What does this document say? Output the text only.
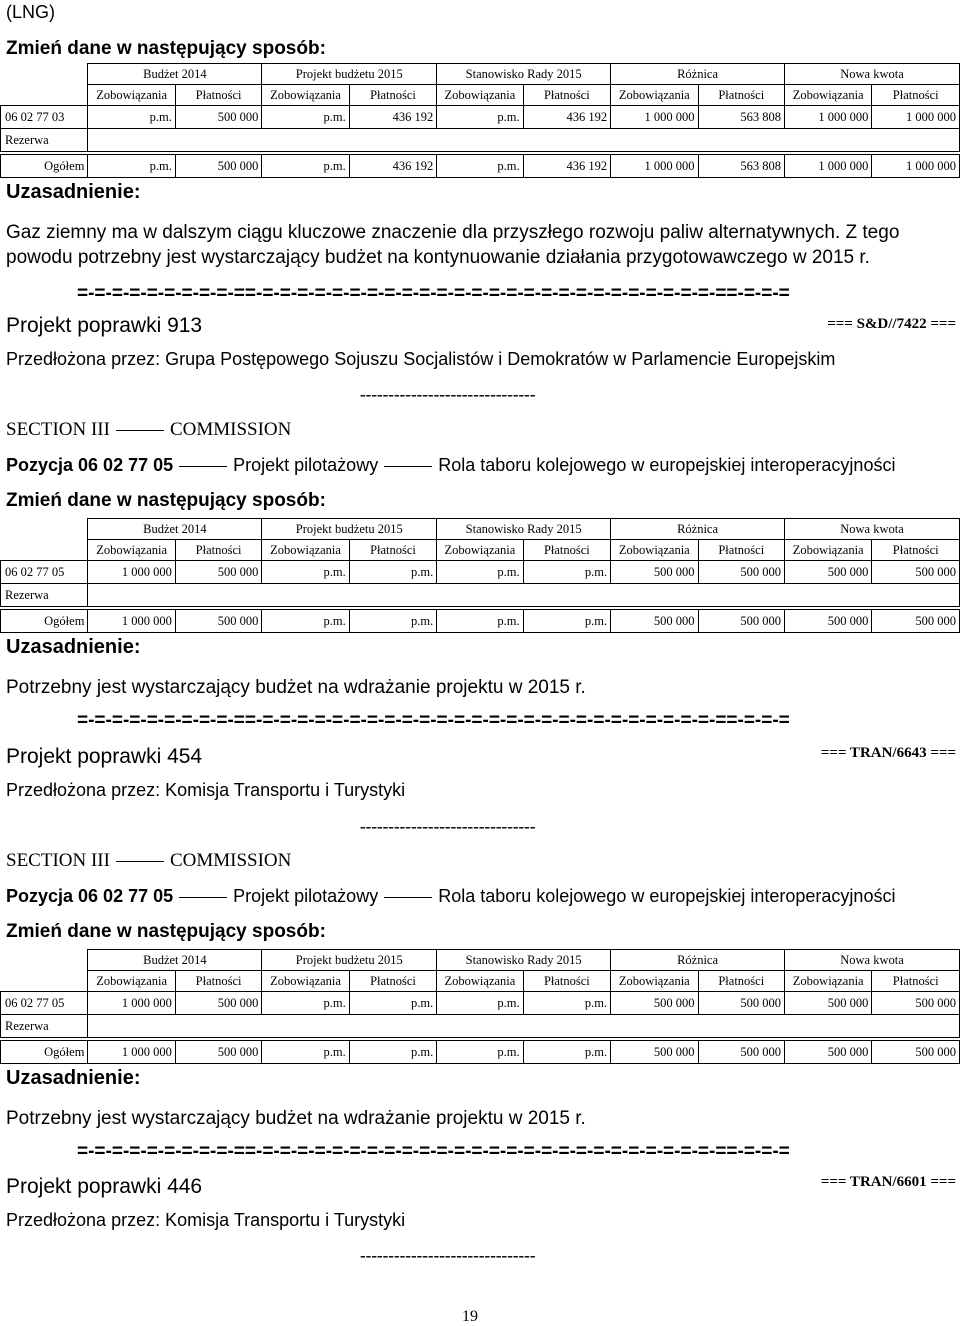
(LNG)
Zmień dane w następujący sposób:
	Budżet 2014		Projekt budżetu 2015		Stanowisko Rady 2015		Różnica		Nowa kwota	
	Zobowiązania	Płatności	Zobowiązania	Płatności	Zobowiązania	Płatności	Zobowiązania	Płatności	Zobowiązania	Płatności
06 02 77 03	p.m.	500 000	p.m.	436 192	p.m.	436 192	1 000 000	563 808	1 000 000	1 000 000
Rezerwa										

Ogółem	p.m.	500 000	p.m.	436 192	p.m.	436 192	1 000 000	563 808	1 000 000	1 000 000
Uzasadnienie:
Gaz ziemny ma w dalszym ciągu kluczowe znaczenie dla przyszłego rozwoju paliw alternatywnych. Z tego powodu potrzebny jest wystarczający budżet na kontynuowanie działania przygotowawczego w 2015 r.
=-=-=-=-=-=-=-=-=-==-=-=-=-=-=-=-=-=-=-=-=-=-=-=-=-=-=-=-=-=-=-=-=-=-=-=-==-=-=-=
Projekt poprawki 913	=== S&D//7422 ===
Przedłożona przez: Grupa Postępowego Sojuszu Socjalistów i Demokratów w Parlamencie Europejskim
-------------------------------
SECTION III	COMMISSION
Pozycja 06 02 77 05	Projekt pilotażowy	Rola taboru kolejowego w europejskiej interoperacyjności
Zmień dane w następujący sposób:
	Budżet 2014		Projekt budżetu 2015		Stanowisko Rady 2015		Różnica		Nowa kwota	
	Zobowiązania	Płatności	Zobowiązania	Płatności	Zobowiązania	Płatności	Zobowiązania	Płatności	Zobowiązania	Płatności
06 02 77 05	1 000 000	500 000	p.m.	p.m.	p.m.	p.m.	500 000	500 000	500 000	500 000
Rezerwa										

Ogółem	1 000 000	500 000	p.m.	p.m.	p.m.	p.m.	500 000	500 000	500 000	500 000
Uzasadnienie:
Potrzebny jest wystarczający budżet na wdrażanie projektu w 2015 r.
=-=-=-=-=-=-=-=-=-==-=-=-=-=-=-=-=-=-=-=-=-=-=-=-=-=-=-=-=-=-=-=-=-=-=-=-==-=-=-=
Projekt poprawki 454	=== TRAN/6643 ===
Przedłożona przez: Komisja Transportu i Turystyki
-------------------------------
SECTION III	COMMISSION
Pozycja 06 02 77 05	Projekt pilotażowy	Rola taboru kolejowego w europejskiej interoperacyjności
Zmień dane w następujący sposób:
	Budżet 2014		Projekt budżetu 2015		Stanowisko Rady 2015		Różnica		Nowa kwota	
	Zobowiązania	Płatności	Zobowiązania	Płatności	Zobowiązania	Płatności	Zobowiązania	Płatności	Zobowiązania	Płatności
06 02 77 05	1 000 000	500 000	p.m.	p.m.	p.m.	p.m.	500 000	500 000	500 000	500 000
Rezerwa										

Ogółem	1 000 000	500 000	p.m.	p.m.	p.m.	p.m.	500 000	500 000	500 000	500 000
Uzasadnienie:
Potrzebny jest wystarczający budżet na wdrażanie projektu w 2015 r.
=-=-=-=-=-=-=-=-=-==-=-=-=-=-=-=-=-=-=-=-=-=-=-=-=-=-=-=-=-=-=-=-=-=-=-=-==-=-=-=
Projekt poprawki 446	=== TRAN/6601 ===
Przedłożona przez: Komisja Transportu i Turystyki
-------------------------------
19
